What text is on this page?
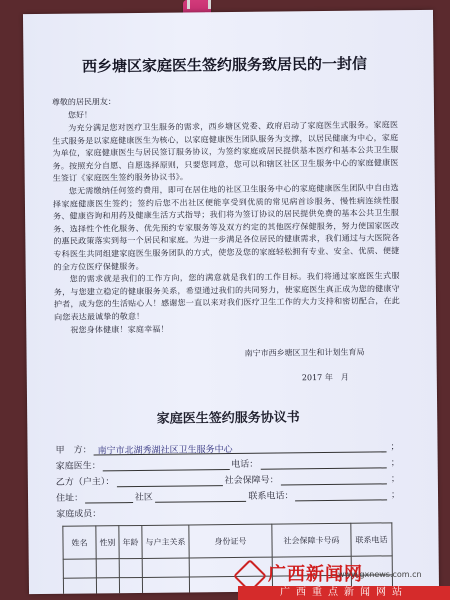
西乡塘区家庭医生签约服务致居民的一封信

尊敬的居民朋友：

您好！

为充分满足您对医疗卫生服务的需求，西乡塘区党委、政府启动了家庭医生式服务。家庭医生式服务是以家庭健康医生为核心，以家庭健康医生团队服务为支撑，以居民健康为中心，家庭为单位，家庭健康医生与居民签订服务协议，为签约家庭或居民提供基本医疗和基本公共卫生服务。按照充分自愿、自愿选择原则，只要您同意，您可以和辖区社区卫生服务中心的家庭健康医生签订《家庭医生签约服务协议书》。

您无需缴纳任何签约费用，即可在居住地的社区卫生服务中心的家庭健康医生团队中自由选择家庭健康医生签约；签约后您不出社区便能享受到优质的常见病首诊服务、慢性病连续性服务、健康咨询和用药及健康生活方式指导；我们将为签订协议的居民提供免费的基本公共卫生服务、选择性个性化服务、优先预约专家服务等及双方约定的其他医疗保健服务，努力使国家医改的惠民政策落实到每一个居民和家庭。为进一步满足各位居民的健康需求，我们通过与大医院各专科医生共同组建家庭医生服务团队的方式，使您及您的家庭轻松拥有专业、安全、优质、便捷的全方位医疗保健服务。

您的需求就是我们的工作方向，您的满意就是我们的工作目标。我们将通过家庭医生式服务，与您建立稳定的健康服务关系，希望通过我们的共同努力，使家庭医生真正成为您的健康守护者，成为您的生活贴心人！感谢您一直以来对我们医疗卫生工作的大力支持和密切配合，在此向您表达最诚挚的敬意！

祝您身体健康！家庭幸福！

南宁市西乡塘区卫生和计划生育局
2017 年　月
家庭医生签约服务协议书
甲　方： 南宁市北湖秀湖社区卫生服务中心	；
家庭医生：	电话：	；
乙方（户主）：	社会保障号：	；
住址：	社区	联系电话：	；
家庭成员：
姓名	性别	年龄	与户主关系	身份证号	社会保障卡号码	联系电话

广西新闻网
www.gxnews.com.cn
广西重点新闻网站
